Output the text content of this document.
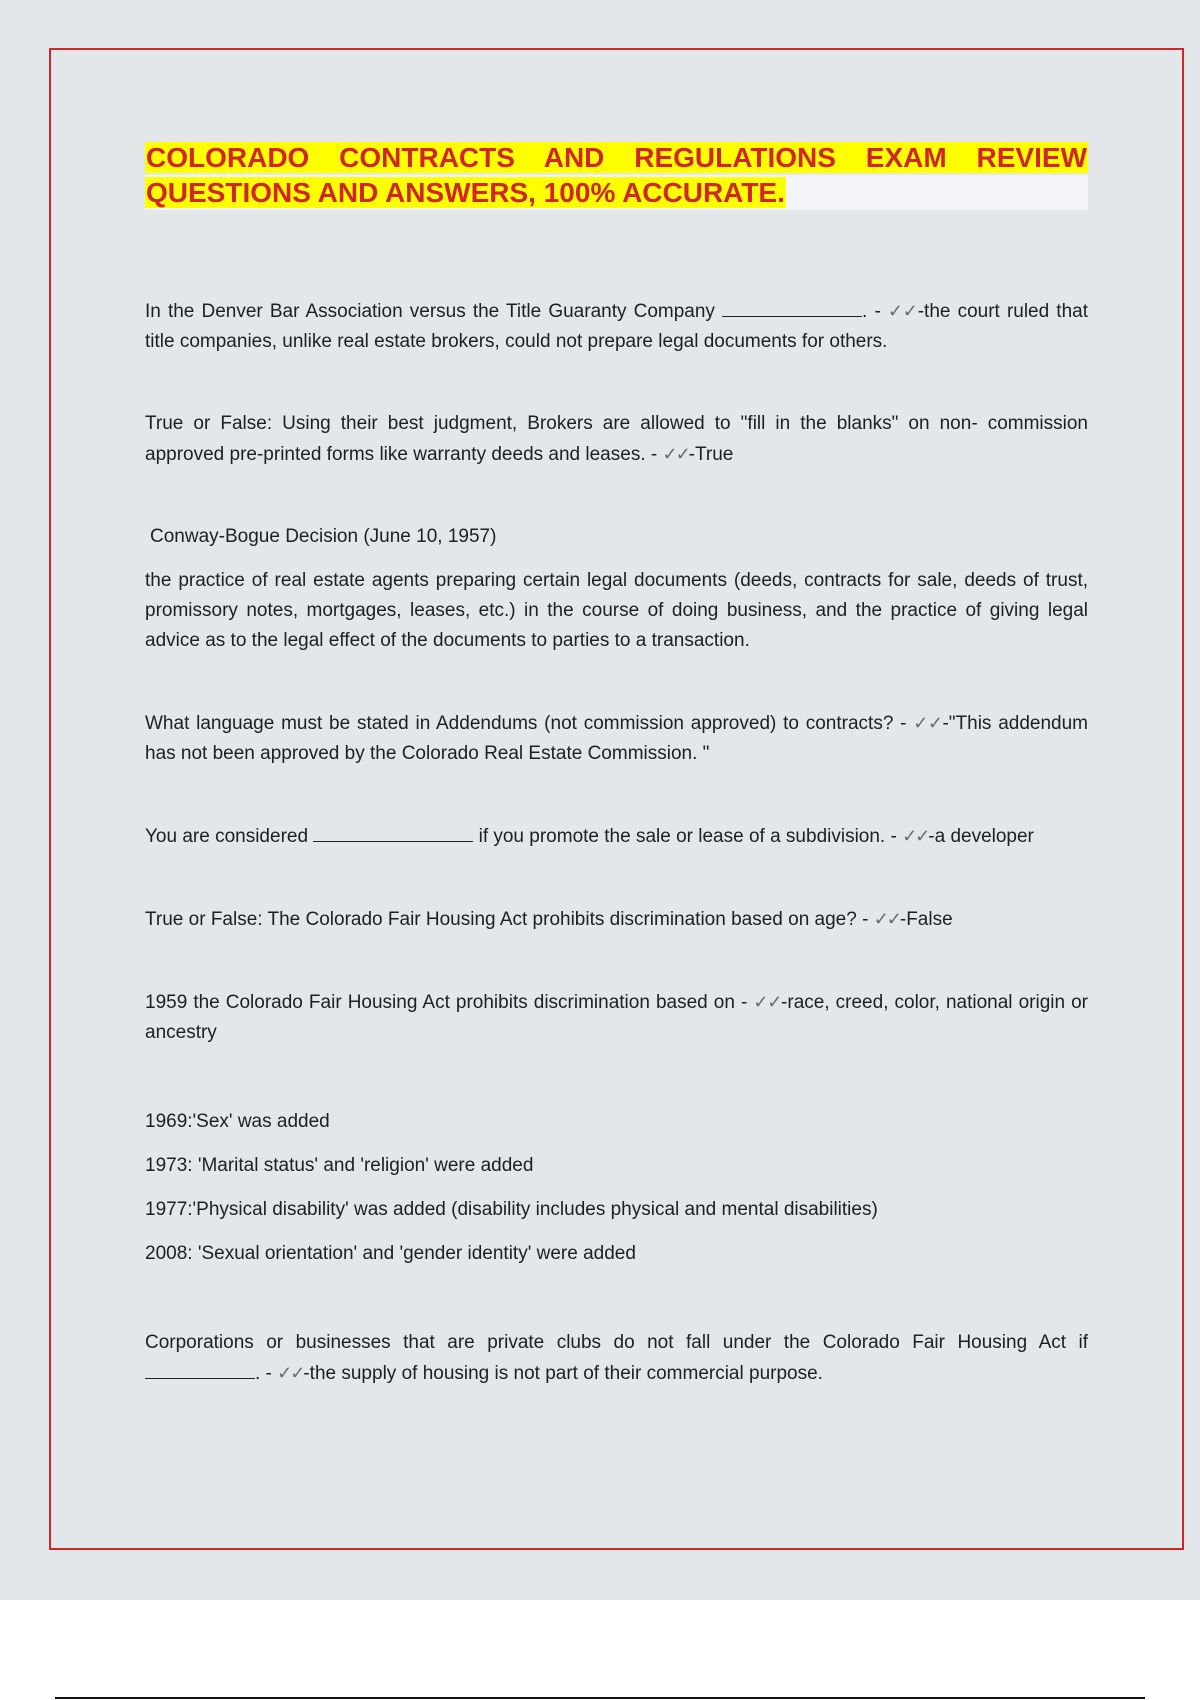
COLORADO CONTRACTS AND REGULATIONS EXAM REVIEW
QUESTIONS AND ANSWERS, 100% ACCURATE.

In the Denver Bar Association versus the Title Guaranty Company	. - ✓✓-the court ruled that title companies, unlike real estate brokers, could not prepare legal documents for others.

True or False: Using their best judgment, Brokers are allowed to "fill in the blanks" on non- commission approved pre-printed forms like warranty deeds and leases. - ✓✓-True

Conway-Bogue Decision (June 10, 1957)

the practice of real estate agents preparing certain legal documents (deeds, contracts for sale, deeds of trust, promissory notes, mortgages, leases, etc.) in the course of doing business, and the practice of giving legal advice as to the legal effect of the documents to parties to a transaction.

What language must be stated in Addendums (not commission approved) to contracts? - ✓✓-"This addendum has not been approved by the Colorado Real Estate Commission. "

You are considered	if you promote the sale or lease of a subdivision. - ✓✓-a developer

True or False: The Colorado Fair Housing Act prohibits discrimination based on age? - ✓✓-False

1959 the Colorado Fair Housing Act prohibits discrimination based on - ✓✓-race, creed, color, national origin or ancestry

1969:'Sex' was added
1973: 'Marital status' and 'religion' were added
1977:'Physical disability' was added (disability includes physical and mental disabilities)
2008: 'Sexual orientation' and 'gender identity' were added

Corporations or businesses that are private clubs do not fall under the Colorado Fair Housing Act if . - ✓✓-the supply of housing is not part of their commercial purpose.
